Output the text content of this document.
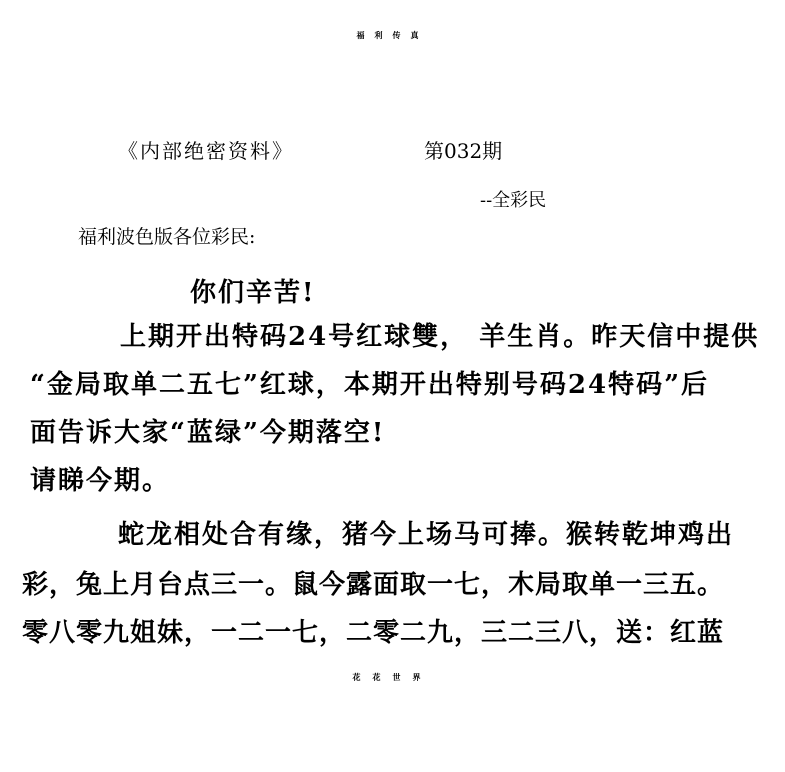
福利传真
《内部绝密资料》	第032期
--全彩民
福利波色版各位彩民:
你们辛苦!
上期开出特码24号红球雙， 羊生肖。昨天信中提供
“金局取单二五七”红球，本期开出特别号码24特码”后
面告诉大家“蓝绿”今期落空!
请睇今期。
蛇龙相处合有缘，猪今上场马可捧。猴转乾坤鸡出
彩，兔上月台点三一。鼠今露面取一七，木局取单一三五。
零八零九姐妹，一二一七，二零二九，三二三八，送：红蓝
花花世界
